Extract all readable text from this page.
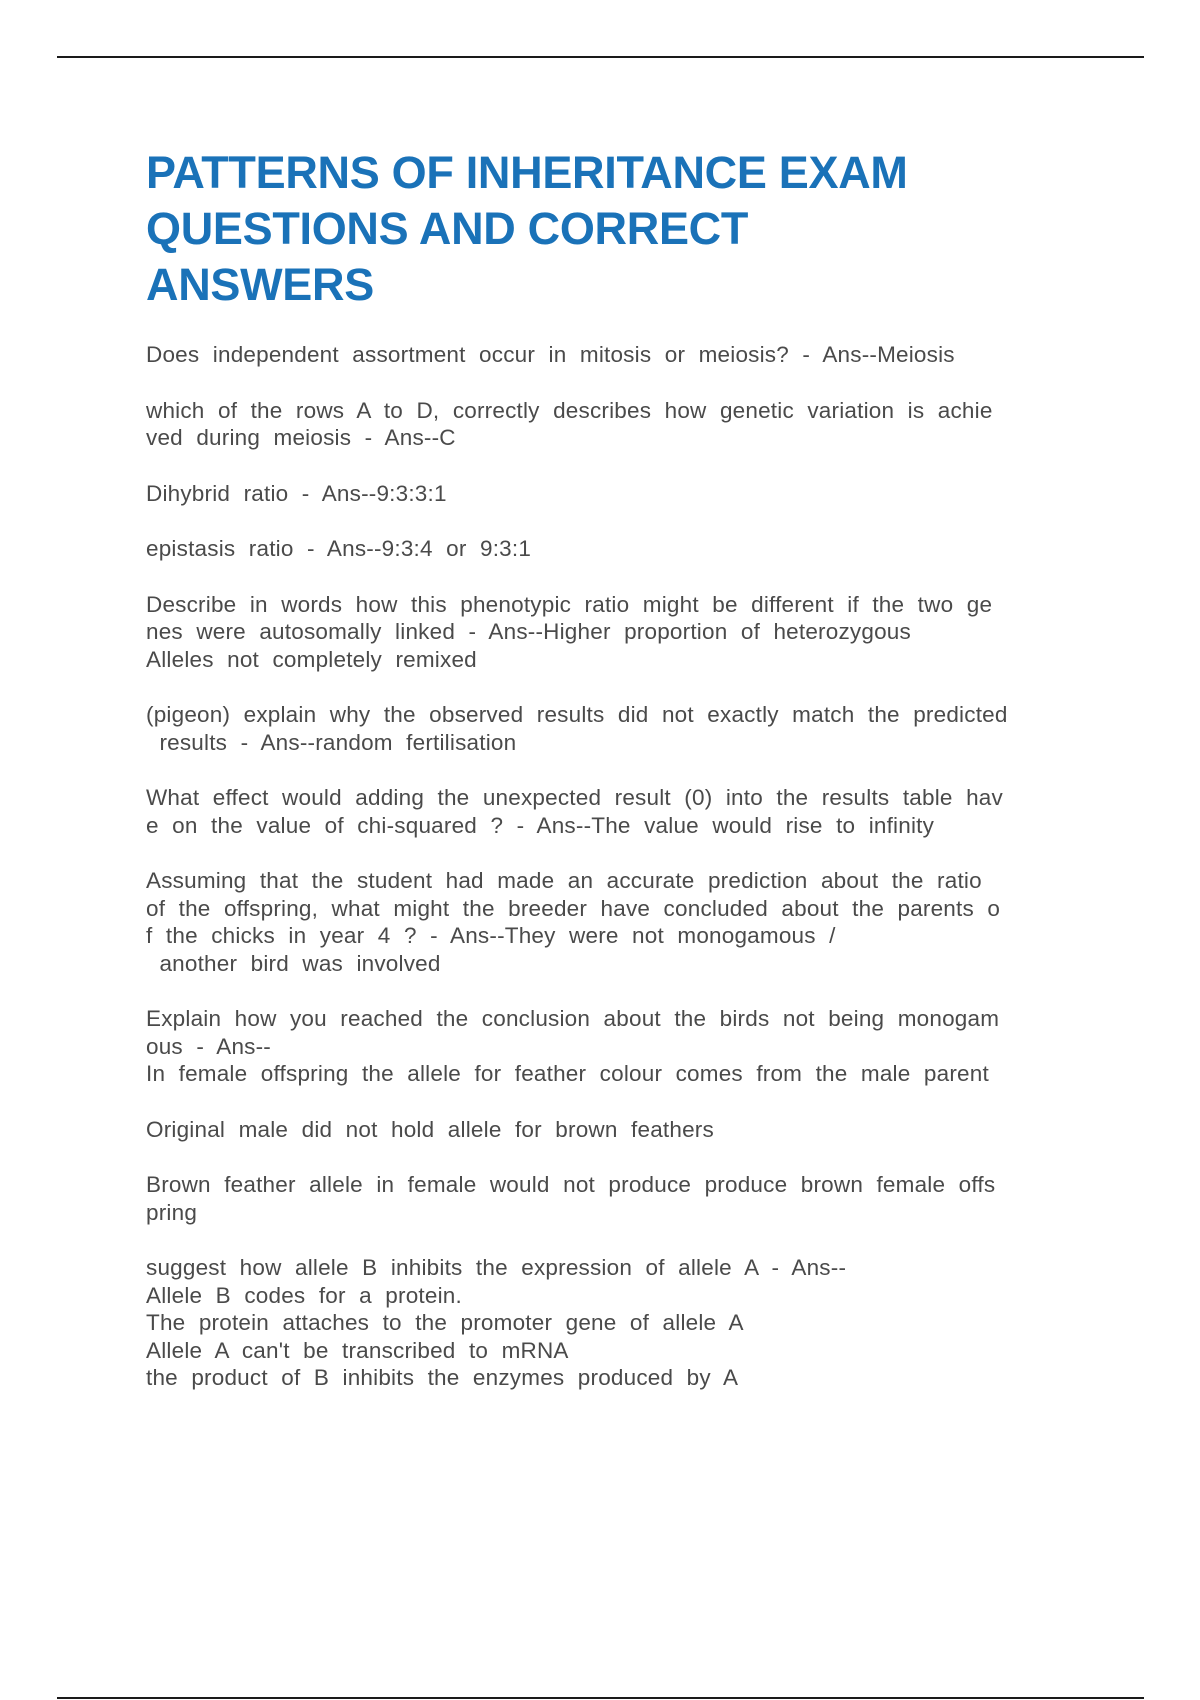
PATTERNS OF INHERITANCE EXAM
QUESTIONS AND CORRECT
ANSWERS
Does independent assortment occur in mitosis or meiosis? - Ans--Meiosis
which of the rows A to D, correctly describes how genetic variation is achie
ved during meiosis - Ans--C
Dihybrid ratio - Ans--9:3:3:1
epistasis ratio - Ans--9:3:4 or 9:3:1
Describe in words how this phenotypic ratio might be different if the two ge
nes were autosomally linked - Ans--Higher proportion of heterozygous
Alleles not completely remixed
(pigeon) explain why the observed results did not exactly match the predicted
results - Ans--random fertilisation
What effect would adding the unexpected result (0) into the results table hav
e on the value of chi-squared ? - Ans--The value would rise to infinity
Assuming that the student had made an accurate prediction about the ratio
of the offspring, what might the breeder have concluded about the parents o
f the chicks in year 4 ? - Ans--They were not monogamous /
another bird was involved
Explain how you reached the conclusion about the birds not being monogam
ous - Ans--
In female offspring the allele for feather colour comes from the male parent
Original male did not hold allele for brown feathers
Brown feather allele in female would not produce produce brown female offs
pring
suggest how allele B inhibits the expression of allele A - Ans--
Allele B codes for a protein.
The protein attaches to the promoter gene of allele A
Allele A can't be transcribed to mRNA
the product of B inhibits the enzymes produced by A
